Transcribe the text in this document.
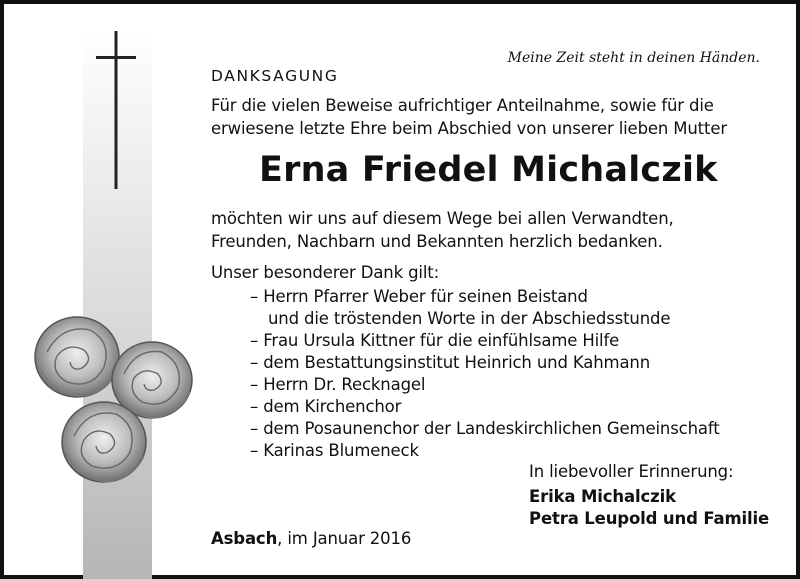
Meine Zeit steht in deinen Händen.

DANKSAGUNG

Für die vielen Beweise aufrichtiger Anteilnahme, sowie für die

erwiesene letzte Ehre beim Abschied von unserer lieben Mutter

Erna Friedel Michalczik

möchten wir uns auf diesem Wege bei allen Verwandten,

Freunden, Nachbarn und Bekannten herzlich bedanken.

Unser besonderer Dank gilt:

– Herrn Pfarrer Weber für seinen Beistand

und die tröstenden Worte in der Abschiedsstunde

– Frau Ursula Kittner für die einfühlsame Hilfe

– dem Bestattungsinstitut Heinrich und Kahmann

– Herrn Dr. Recknagel

– dem Kirchenchor

– dem Posaunenchor der Landeskirchlichen Gemeinschaft

– Karinas Blumeneck

In liebevoller Erinnerung:

Erika Michalczik

Petra Leupold und Familie

Asbach, im Januar 2016
